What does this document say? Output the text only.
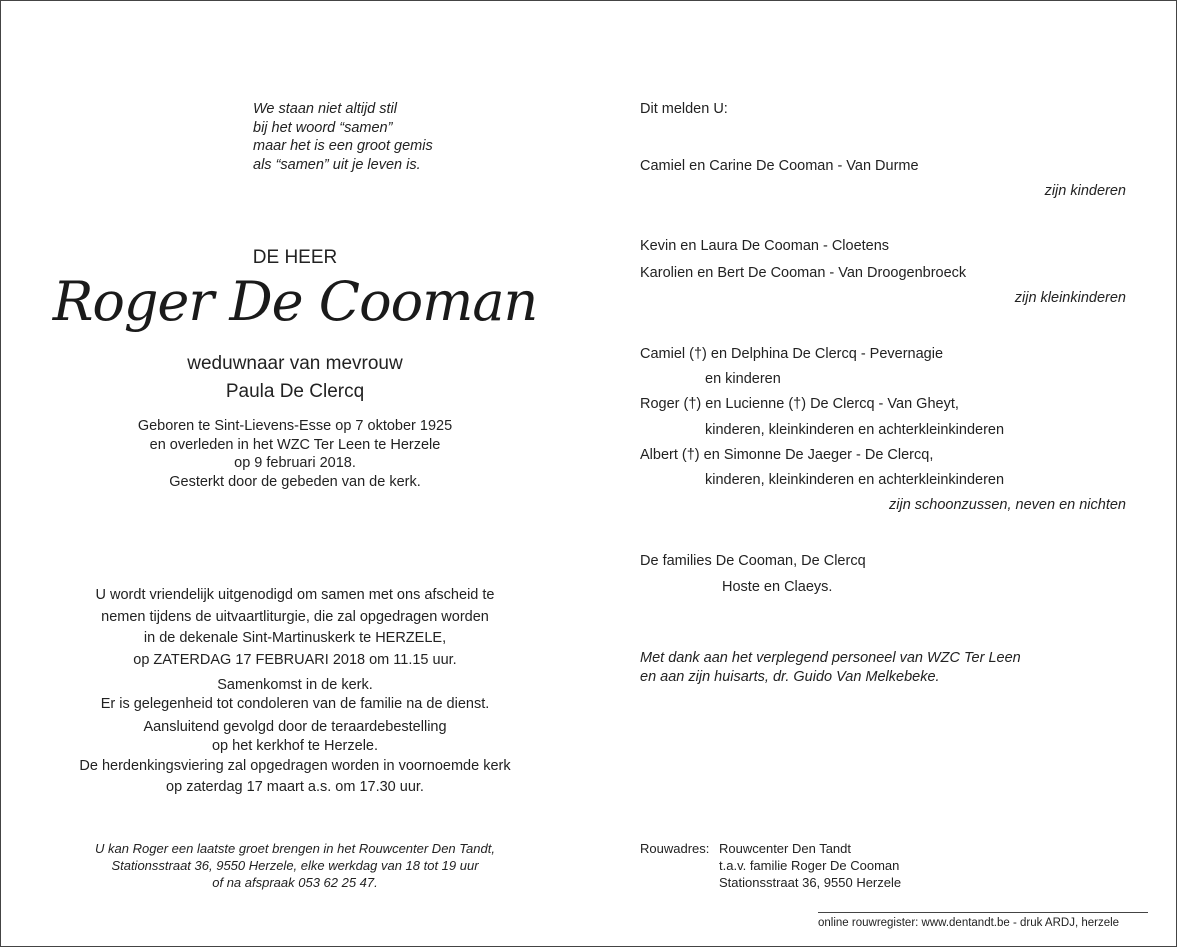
We staan niet altijd stil
bij het woord “samen”
maar het is een groot gemis
als “samen” uit je leven is.
DE HEER
Roger De Cooman
weduwnaar van mevrouw
Paula De Clercq
Geboren te Sint-Lievens-Esse op 7 oktober 1925
en overleden in het WZC Ter Leen te Herzele
op 9 februari 2018.
Gesterkt door de gebeden van de kerk.
U wordt vriendelijk uitgenodigd om samen met ons afscheid te
nemen tijdens de uitvaartliturgie, die zal opgedragen worden
in de dekenale Sint-Martinuskerk te HERZELE,
op ZATERDAG 17 FEBRUARI 2018 om 11.15 uur.
Samenkomst in de kerk.
Er is gelegenheid tot condoleren van de familie na de dienst.
Aansluitend gevolgd door de teraardebestelling
op het kerkhof te Herzele.
De herdenkingsviering zal opgedragen worden in voornoemde kerk
op zaterdag 17 maart a.s. om 17.30 uur.
U kan Roger een laatste groet brengen in het Rouwcenter Den Tandt,
Stationsstraat 36, 9550 Herzele, elke werkdag van 18 tot 19 uur
of na afspraak 053 62 25 47.
Dit melden U:
Camiel en Carine De Cooman - Van Durme
zijn kinderen
Kevin en Laura De Cooman - Cloetens
Karolien en Bert De Cooman - Van Droogenbroeck
zijn kleinkinderen
Camiel (†) en Delphina De Clercq - Pevernagie
en kinderen
Roger (†) en Lucienne (†) De Clercq - Van Gheyt,
kinderen, kleinkinderen en achterkleinkinderen
Albert (†) en Simonne De Jaeger - De Clercq,
kinderen, kleinkinderen en achterkleinkinderen
zijn schoonzussen, neven en nichten
De families De Cooman, De Clercq
Hoste en Claeys.
Met dank aan het verplegend personeel van WZC Ter Leen
en aan zijn huisarts, dr. Guido Van Melkebeke.
Rouwadres: Rouwcenter Den Tandt
t.a.v. familie Roger De Cooman
Stationsstraat 36, 9550 Herzele
online rouwregister: www.dentandt.be - druk ARDJ, herzele
